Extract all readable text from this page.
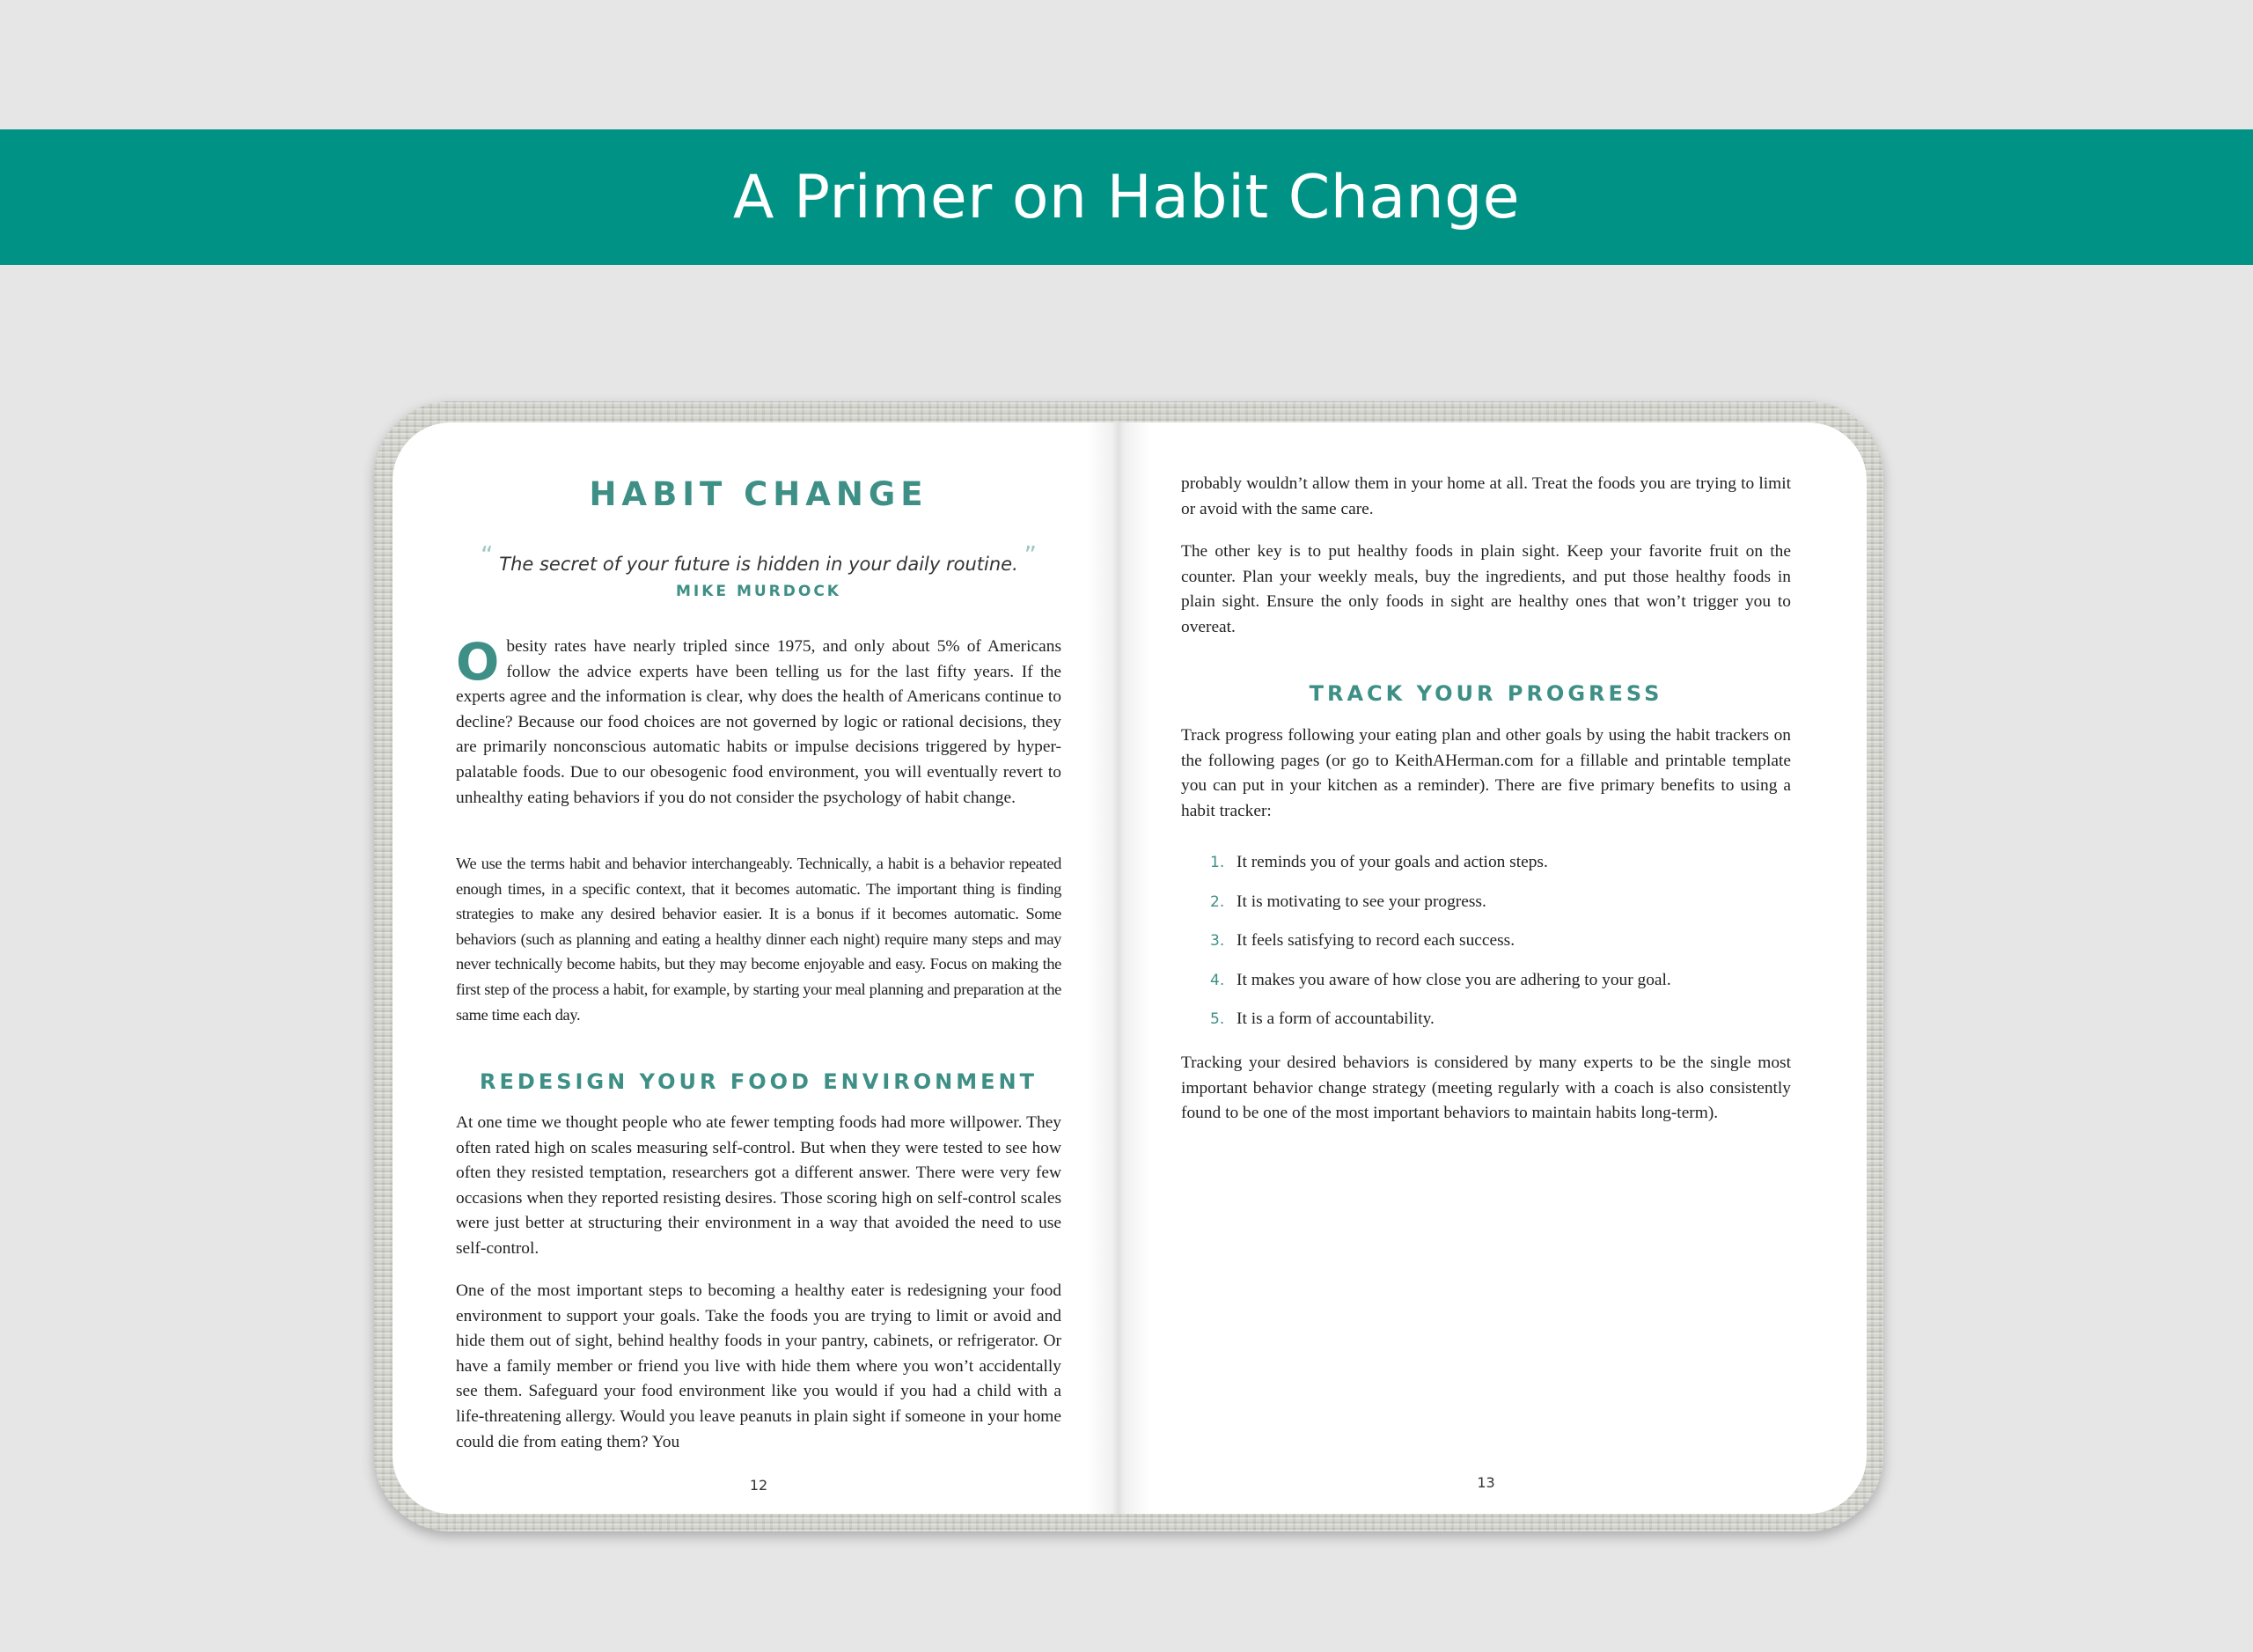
A Primer on Habit Change
HABIT CHANGE
“ The secret of your future is hidden in your daily routine. ”
MIKE MURDOCK
O besity rates have nearly tripled since 1975, and only about 5% of Americans follow the advice experts have been telling us for the last fifty years. If the experts agree and the information is clear, why does the health of Americans continue to decline? Because our food choices are not governed by logic or rational decisions, they are primarily nonconscious automatic habits or impulse decisions triggered by hyper-palatable foods. Due to our obesogenic food environment, you will eventually revert to unhealthy eating behaviors if you do not consider the psychology of habit change.

We use the terms habit and behavior interchangeably. Technically, a habit is a behavior repeated enough times, in a specific context, that it becomes automatic. The important thing is finding strategies to make any desired behavior easier. It is a bonus if it becomes automatic. Some behaviors (such as planning and eating a healthy dinner each night) require many steps and may never technically become habits, but they may become enjoyable and easy. Focus on making the first step of the process a habit, for example, by starting your meal planning and preparation at the same time each day.

REDESIGN YOUR FOOD ENVIRONMENT

At one time we thought people who ate fewer tempting foods had more willpower. They often rated high on scales measuring self-control. But when they were tested to see how often they resisted temptation, researchers got a different answer. There were very few occasions when they reported resisting desires. Those scoring high on self-control scales were just better at structuring their environment in a way that avoided the need to use self-control.

One of the most important steps to becoming a healthy eater is redesigning your food environment to support your goals. Take the foods you are trying to limit or avoid and hide them out of sight, behind healthy foods in your pantry, cabinets, or refrigerator. Or have a family member or friend you live with hide them where you won’t accidentally see them. Safeguard your food environment like you would if you had a child with a life-threatening allergy. Would you leave peanuts in plain sight if someone in your home could die from eating them? You

12

probably wouldn’t allow them in your home at all. Treat the foods you are trying to limit or avoid with the same care.

The other key is to put healthy foods in plain sight. Keep your favorite fruit on the counter. Plan your weekly meals, buy the ingredients, and put those healthy foods in plain sight. Ensure the only foods in sight are healthy ones that won’t trigger you to overeat.

TRACK YOUR PROGRESS

Track progress following your eating plan and other goals by using the habit trackers on the following pages (or go to KeithAHerman.com for a fillable and printable template you can put in your kitchen as a reminder). There are five primary benefits to using a habit tracker:

1. It reminds you of your goals and action steps.
2. It is motivating to see your progress.
3. It feels satisfying to record each success.
4. It makes you aware of how close you are adhering to your goal.
5. It is a form of accountability.

Tracking your desired behaviors is considered by many experts to be the single most important behavior change strategy (meeting regularly with a coach is also consistently found to be one of the most important behaviors to maintain habits long-term).

13
